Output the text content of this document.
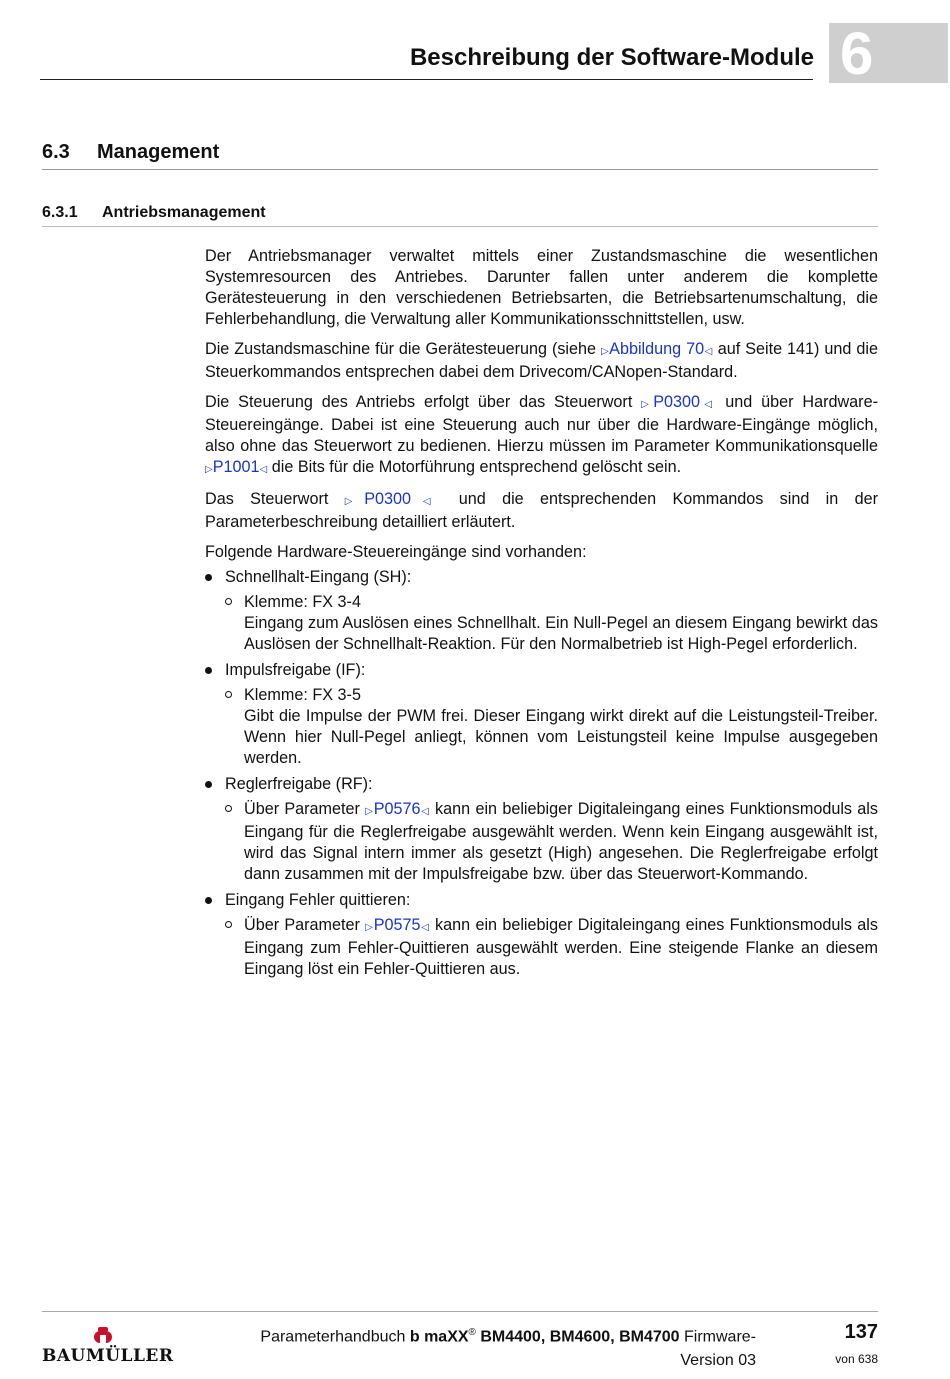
Beschreibung der Software-Module 6
6.3 Management
6.3.1 Antriebsmanagement

Der Antriebsmanager verwaltet mittels einer Zustandsmaschine die wesentlichen Systemresourcen des Antriebes. Darunter fallen unter anderem die komplette Gerätesteuerung in den verschiedenen Betriebsarten, die Betriebsartenumschaltung, die Fehlerbehandlung, die Verwaltung aller Kommunikationsschnittstellen, usw.

Die Zustandsmaschine für die Gerätesteuerung (siehe ▷Abbildung 70◁ auf Seite 141) und die Steuerkommandos entsprechen dabei dem Drivecom/CANopen-Standard.

Die Steuerung des Antriebs erfolgt über das Steuerwort ▷P0300◁ und über Hardware-Steuereingänge. Dabei ist eine Steuerung auch nur über die Hardware-Eingänge möglich, also ohne das Steuerwort zu bedienen. Hierzu müssen im Parameter Kommunikationsquelle ▷P1001◁ die Bits für die Motorführung entsprechend gelöscht sein.

Das Steuerwort ▷P0300◁ und die entsprechenden Kommandos sind in der Parameterbeschreibung detailliert erläutert.

Folgende Hardware-Steuereingänge sind vorhanden:

Schnellhalt-Eingang (SH):
Klemme: FX 3-4
Eingang zum Auslösen eines Schnellhalt. Ein Null-Pegel an diesem Eingang bewirkt das Auslösen der Schnellhalt-Reaktion. Für den Normalbetrieb ist High-Pegel erforderlich.
Impulsfreigabe (IF):
Klemme: FX 3-5
Gibt die Impulse der PWM frei. Dieser Eingang wirkt direkt auf die Leistungsteil-Treiber. Wenn hier Null-Pegel anliegt, können vom Leistungsteil keine Impulse ausgegeben werden.
Reglerfreigabe (RF):
Über Parameter ▷P0576◁ kann ein beliebiger Digitaleingang eines Funktionsmoduls als Eingang für die Reglerfreigabe ausgewählt werden. Wenn kein Eingang ausgewählt ist, wird das Signal intern immer als gesetzt (High) angesehen. Die Reglerfreigabe erfolgt dann zusammen mit der Impulsfreigabe bzw. über das Steuerwort-Kommando.
Eingang Fehler quittieren:
Über Parameter ▷P0575◁ kann ein beliebiger Digitaleingang eines Funktionsmoduls als Eingang zum Fehler-Quittieren ausgewählt werden. Eine steigende Flanke an diesem Eingang löst ein Fehler-Quittieren aus.
BAUMÜLLER
Parameterhandbuch b maXX® BM4400, BM4600, BM4700 Firmware-
Version 03
137
von 638
